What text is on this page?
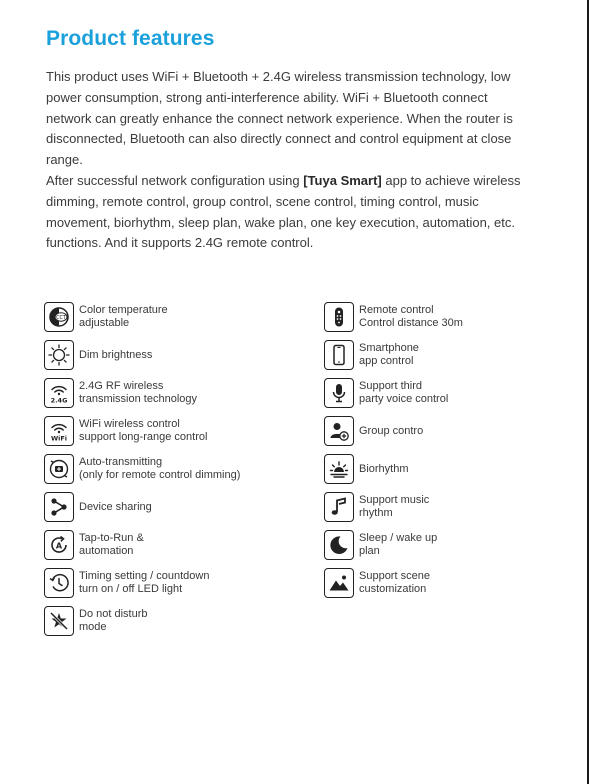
Product features

This product uses WiFi + Bluetooth + 2.4G wireless transmission technology, low power consumption, strong anti-interference ability. WiFi + Bluetooth connect network can greatly enhance the connect network experience. When the router is disconnected, Bluetooth can also directly connect and control equipment at close range.

After successful network configuration using [Tuya Smart] app to achieve wireless dimming, remote control, group control, scene control, timing control, music movement, biorhythm, sleep plan, wake plan, one key execution, automation, etc. functions. And it supports 2.4G remote control.

CCT
Color temperature
adjustable
Dim brightness
2.4G
2.4G RF wireless
transmission technology
WiFi
WiFi wireless control
support long-range control
Auto-transmitting
(only for remote control dimming)
Device sharing
A
Tap-to-Run &
automation
Timing setting / countdown
turn on / off LED light
Do not disturb
mode
Remote control
Control distance 30m
Smartphone
app control
Support third
party voice control
Group contro
Biorhythm
Support music
rhythm
Z Sleep / wake up
plan
Support scene
customization
